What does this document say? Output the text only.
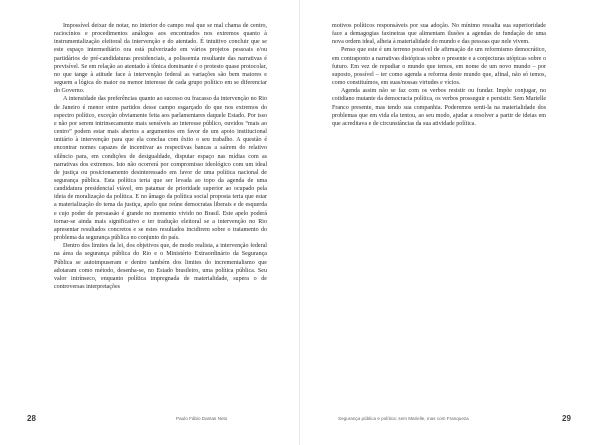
Impossível deixar de notar, no interior do campo real que se mal chama de centro, raciocínios e procedimentos análogos aos encontrados nos extremos quanto à instrumentalização eleitoral da intervenção e do atentado. É intuitivo concluir que se este espaço intermediário ora está pulverizado em vários projetos pessoais e/ou partidários de pré-candidaturas presidenciais, a polissemia resultante das narrativas é previsível. Se em relação ao atentado à tônica dominante é o protesto quase protocolar, no que tange à atitude face à intervenção federal as variações são bem maiores e seguem a lógica do maior ou menor interesse de cada grupo político em se diferenciar do Governo.

A intensidade das preferências quanto ao sucesso ou fracasso da intervenção no Rio de Janeiro é menor entre partidos desse campo esgarçado do que nos extremos do espectro político, exceção obviamente feita aos parlamentares daquele Estado. Por isso e não por serem intrinsecamente mais sensíveis ao interesse público, ouvidos “mais ao centro” podem estar mais abertos a argumentos em favor de um apoio institucional unitário à intervenção para que ela conclua com êxito o seu trabalho. A questão é encontrar nomes capazes de incentivar as respectivas bancas a saírem do relativo silêncio para, em condições de desigualdade, disputar espaço nas mídias com as narrativas dos extremos. Isto não ocorrerá por compromisso ideológico com um ideal de justiça ou posicionamento desinteressado em favor de uma política nacional de segurança pública. Esta política teria que ser levada ao topo da agenda de uma candidatura presidencial viável, em patamar de prioridade superior ao ocupado pela ideia de moralização da política. E no âmago da política social proposta teria que estar a materialização do tema da justiça, apelo que reúne democratas liberais e de esquerda e cujo poder de persuasão é grande no momento vivido no Brasil. Este apelo poderá tornar-se ainda mais significativo e ter tradução eleitoral se a intervenção no Rio apresentar resultados concretos e se estes resultados incidirem sobre o tratamento do problema da segurança pública no conjunto do país.

Dentro dos limites da lei, dos objetivos que, de modo realista, a intervenção federal na área da segurança pública do Rio e o Ministério Extraordinário da Segurança Pública se autoimpuseram e dentro também dos limites do incrementalismo que adotaram como método, desenha-se, no Estado brasileiro, uma política pública. Seu valor intrínseco, enquanto política impregnada de materialidade, supera o de controversas interpretações

28	Paulo Fábio Dantas Neto

motivos políticos responsáveis por sua adoção. No mínimo ressalta sua superioridade face a demagogias faxineiras que alimentam ilusões a agendas de fundação de uma nova ordem ideal, alheia à materialidade do mundo e das pessoas que nele vivem.

Penso que este é um terreno possível de afirmação de um reformismo democrático, em contraponto a narrativas distópicas sobre o presente e a conjecturas utópicas sobre o futuro. Em vez de repudiar o mundo que temos, em nome de um novo mundo – por suposto, possível – ter como agenda a reforma deste mundo que, afinal, não só temos, como constituímos, em suas/nossas virtudes e vícios.

Agenda assim não se faz com os verbos resistir ou fundar. Impõe conjugar, no cotidiano mutante da democracia política, os verbos prosseguir e persistir. Sem Marielle Franco presente, mas tendo sua companhia. Poderemos senti-la na materialidade dos problemas que em vida ela tentou, ao seu modo, ajudar a resolver a partir de ideias em que acreditava e de circunstâncias da sua atividade política.

Segurança pública e política: sem Marielle, mas com Franqueza	29
